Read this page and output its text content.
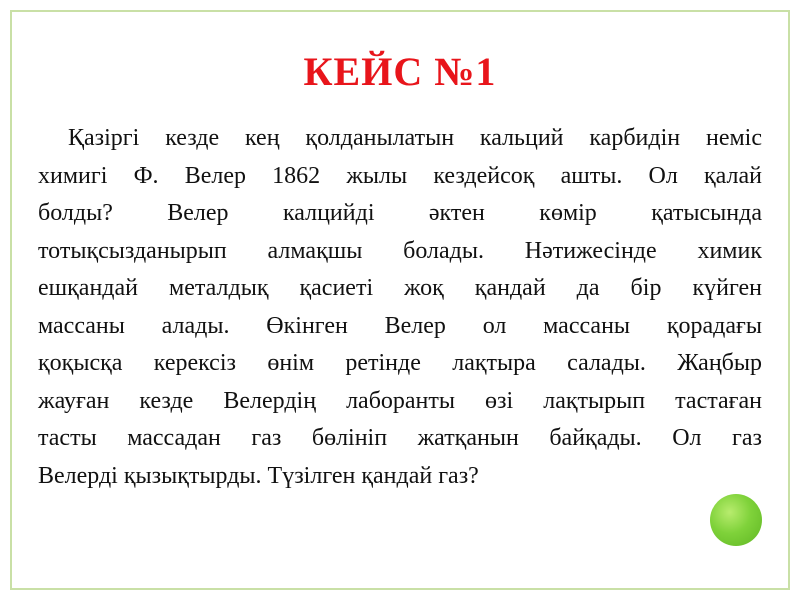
КЕЙС №1
Қазіргі кезде кең қолданылатын кальций карбидін неміс
химигі Ф. Велер 1862 жылы кездейсоқ ашты. Ол қалай
болды? Велер калцийді әктен көмір қатысында
тотықсызданырып алмақшы болады. Нәтижесінде химик
ешқандай металдық қасиеті жоқ қандай да бір күйген
массаны алады. Өкінген Велер ол массаны қорадағы
қоқысқа керексіз өнім ретінде лақтыра салады. Жаңбыр
жауған кезде Велердің лаборанты өзі лақтырып тастаған
тасты массадан газ бөлініп жатқанын байқады. Ол газ
Велерді қызықтырды. Түзілген қандай газ?
